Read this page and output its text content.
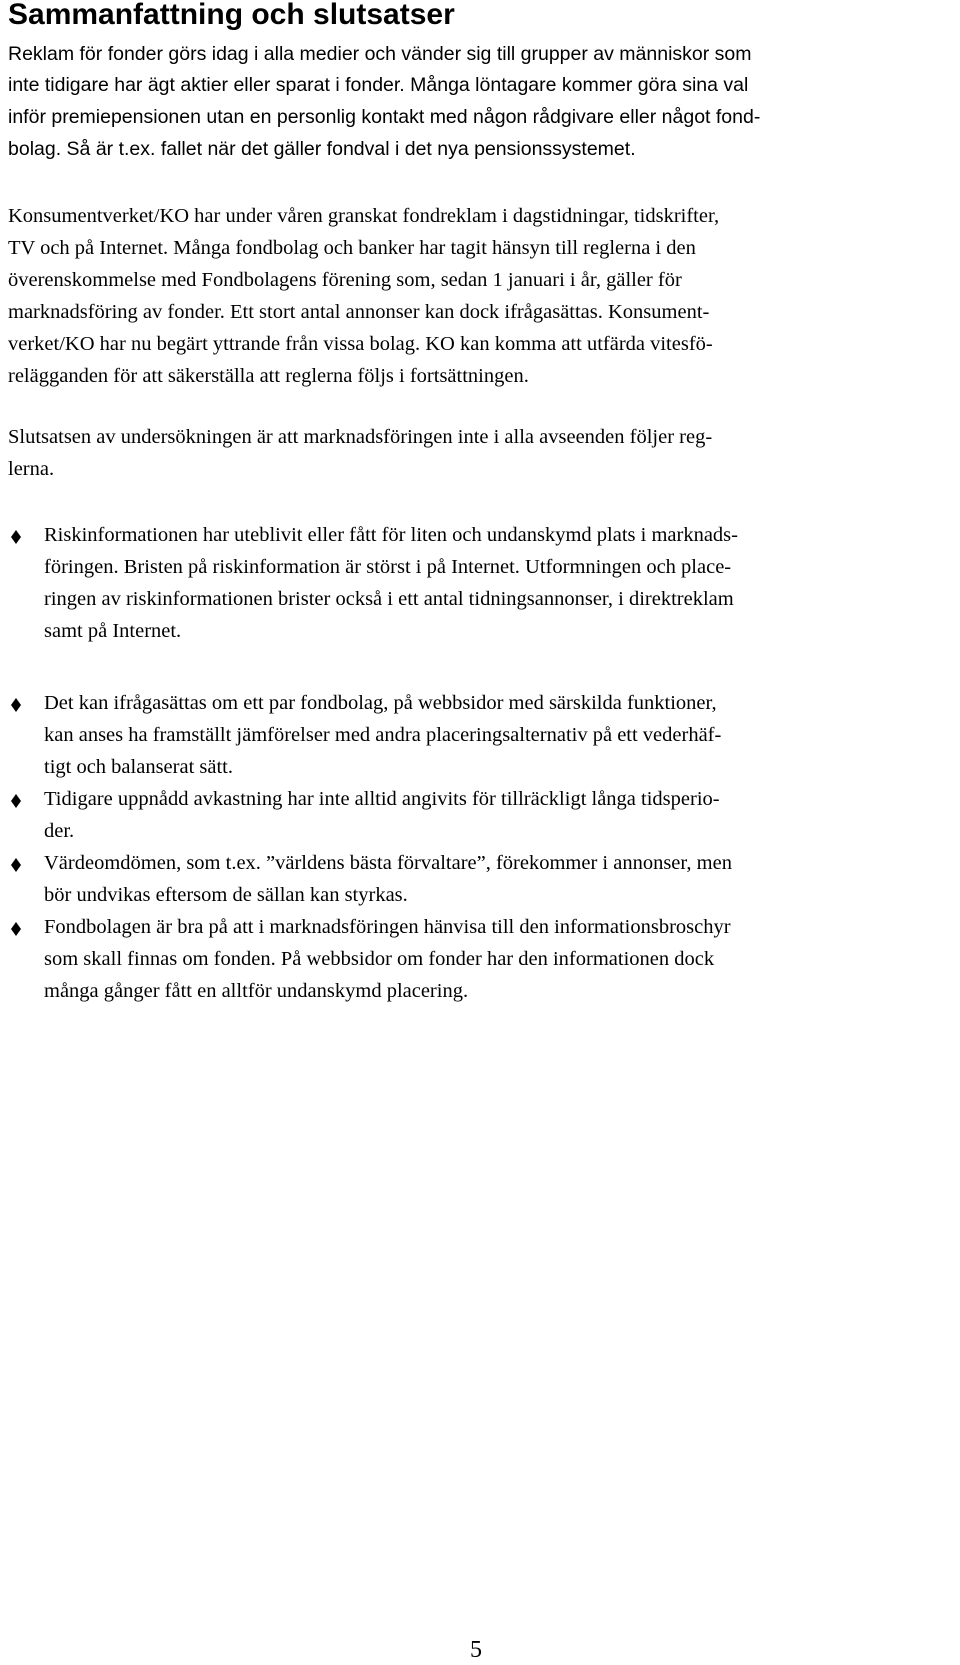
Sammanfattning och slutsatser

Reklam för fonder görs idag i alla medier och vänder sig till grupper av människor som

inte tidigare har ägt aktier eller sparat i fonder. Många löntagare kommer göra sina val

inför premiepensionen utan en personlig kontakt med någon rådgivare eller något fond-

bolag. Så är t.ex. fallet när det gäller fondval i det nya pensionssystemet.

Konsumentverket/KO har under våren granskat fondreklam i dagstidningar, tidskrifter,

TV och på Internet. Många fondbolag och banker har tagit hänsyn till reglerna i den

överenskommelse med Fondbolagens förening som, sedan 1 januari i år, gäller för

marknadsföring av fonder. Ett stort antal annonser kan dock ifrågasättas. Konsument-

verket/KO har nu begärt yttrande från vissa bolag. KO kan komma att utfärda vitesfö-

relägganden för att säkerställa att reglerna följs i fortsättningen.

Slutsatsen av undersökningen är att marknadsföringen inte i alla avseenden följer reg-

lerna.

Riskinformationen har uteblivit eller fått för liten och undanskymd plats i marknads-

föringen. Bristen på riskinformation är störst i på Internet. Utformningen och place-

ringen av riskinformationen brister också i ett antal tidningsannonser, i direktreklam

samt på Internet.

Det kan ifrågasättas om ett par fondbolag, på webbsidor med särskilda funktioner,

kan anses ha framställt jämförelser med andra placeringsalternativ på ett vederhäf-

tigt och balanserat sätt.

Tidigare uppnådd avkastning har inte alltid angivits för tillräckligt långa tidsperio-

der.

Värdeomdömen, som t.ex. ”världens bästa förvaltare”, förekommer i annonser, men

bör undvikas eftersom de sällan kan styrkas.

Fondbolagen är bra på att i marknadsföringen hänvisa till den informationsbroschyr

som skall finnas om fonden. På webbsidor om fonder har den informationen dock

många gånger fått en alltför undanskymd placering.

5
